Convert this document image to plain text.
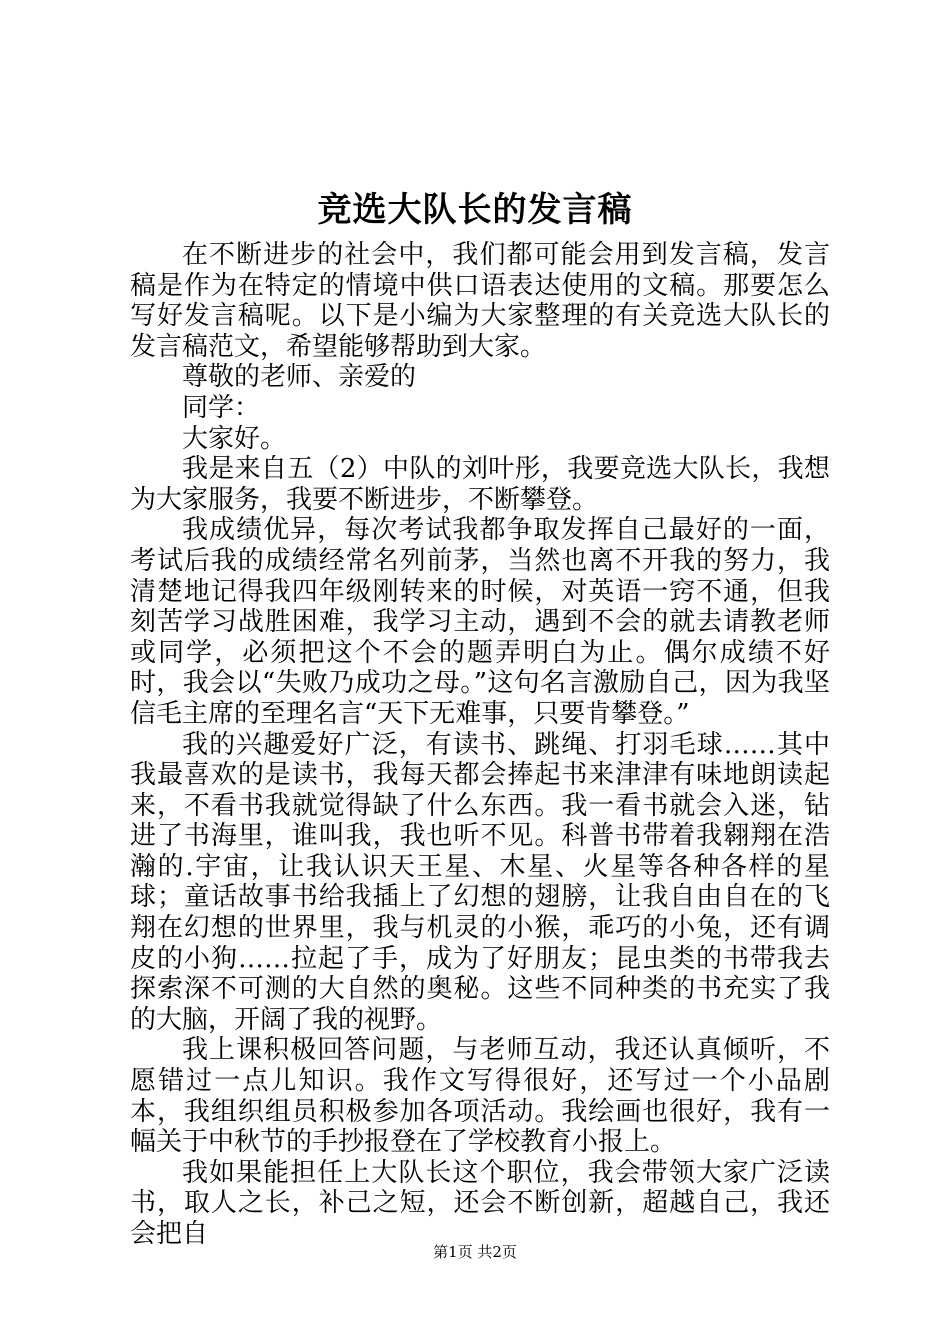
竞选大队长的发言稿

在不断进步的社会中，我们都可能会用到发言稿，发言稿是作为在特定的情境中供口语表达使用的文稿。那要怎么写好发言稿呢。以下是小编为大家整理的有关竞选大队长的发言稿范文，希望能够帮助到大家。

尊敬的老师、亲爱的

同学：

大家好。

我是来自五（2）中队的刘叶彤，我要竞选大队长，我想为大家服务，我要不断进步，不断攀登。

我成绩优异，每次考试我都争取发挥自己最好的一面，考试后我的成绩经常名列前茅，当然也离不开我的努力，我清楚地记得我四年级刚转来的时候，对英语一窍不通，但我刻苦学习战胜困难，我学习主动，遇到不会的就去请教老师或同学，必须把这个不会的题弄明白为止。偶尔成绩不好时，我会以“失败乃成功之母。”这句名言激励自己，因为我坚信毛主席的至理名言“天下无难事，只要肯攀登。”

我的兴趣爱好广泛，有读书、跳绳、打羽毛球……其中我最喜欢的是读书，我每天都会捧起书来津津有味地朗读起来，不看书我就觉得缺了什么东西。我一看书就会入迷，钻进了书海里，谁叫我，我也听不见。科普书带着我翱翔在浩瀚的.宇宙，让我认识天王星、木星、火星等各种各样的星球；童话故事书给我插上了幻想的翅膀，让我自由自在的飞翔在幻想的世界里，我与机灵的小猴，乖巧的小兔，还有调皮的小狗……拉起了手，成为了好朋友；昆虫类的书带我去探索深不可测的大自然的奥秘。这些不同种类的书充实了我的大脑，开阔了我的视野。

我上课积极回答问题，与老师互动，我还认真倾听，不愿错过一点儿知识。我作文写得很好，还写过一个小品剧本，我组织组员积极参加各项活动。我绘画也很好，我有一幅关于中秋节的手抄报登在了学校教育小报上。

我如果能担任上大队长这个职位，我会带领大家广泛读书，取人之长，补己之短，还会不断创新，超越自己，我还会把自

第1页 共2页
